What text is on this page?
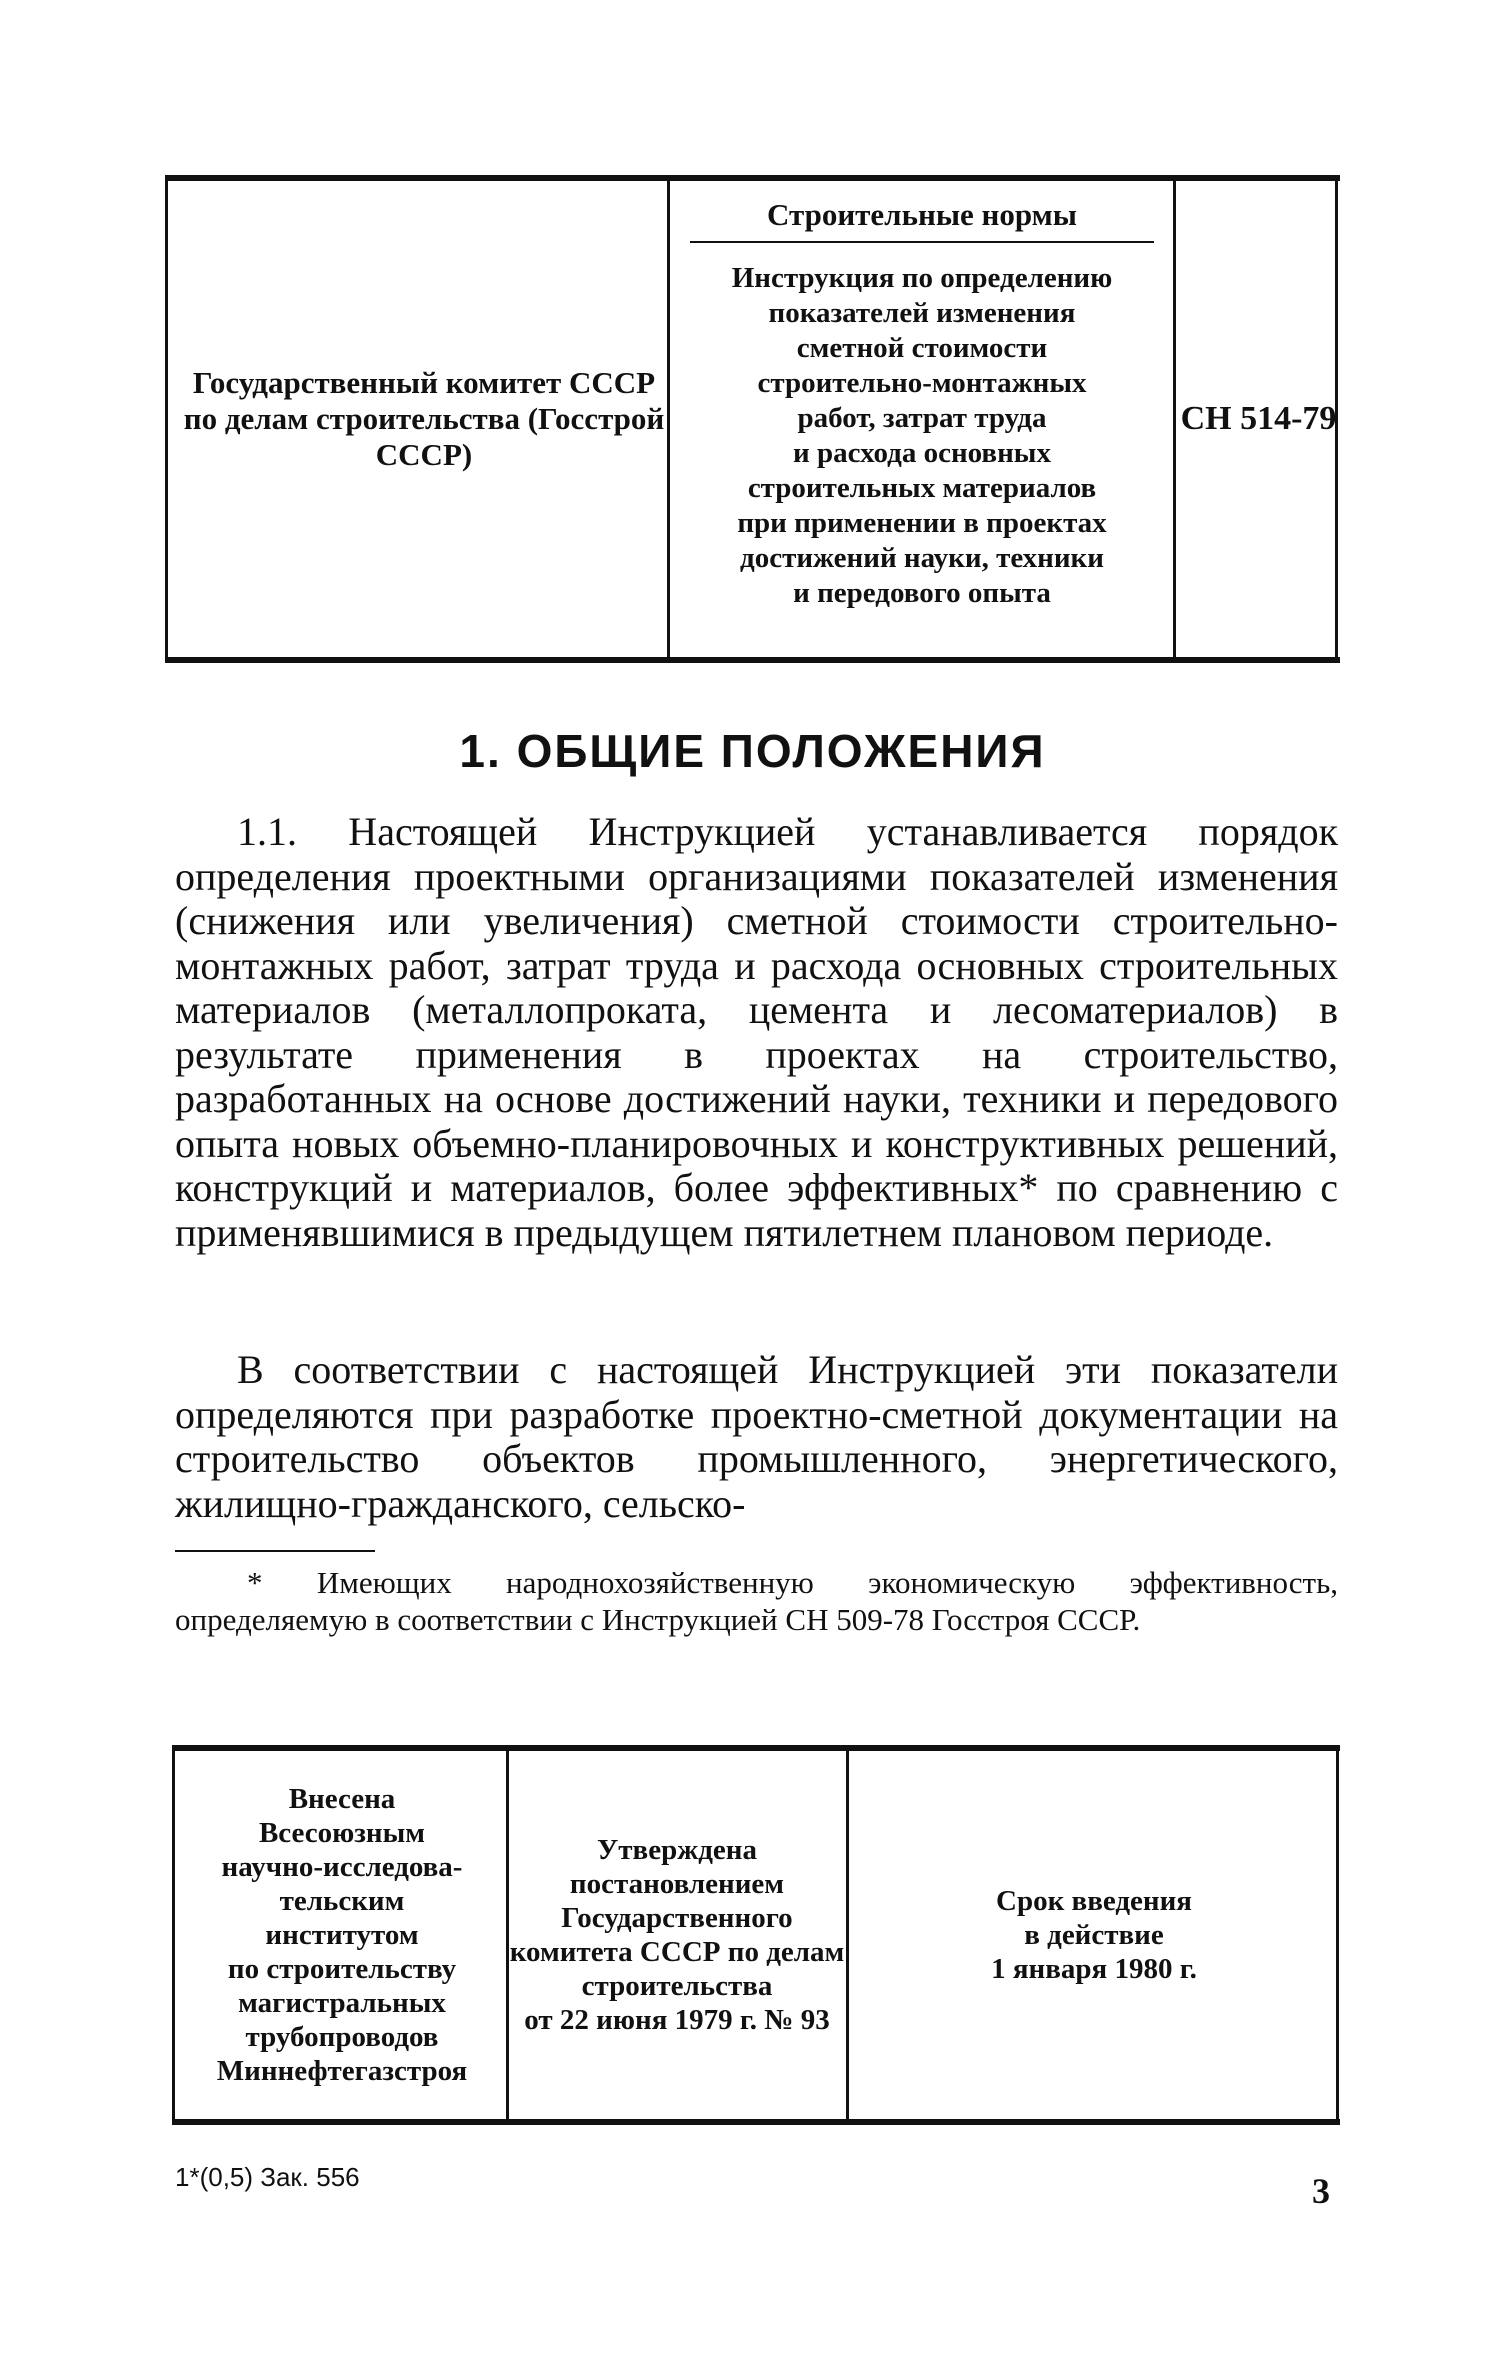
Государственный комитет СССР по делам строительства (Госстрой СССР)
Строительные нормы
Инструкция по определению
показателей изменения
сметной стоимости
строительно-монтажных
работ, затрат труда
и расхода основных
строительных материалов
при применении в проектах
достижений науки, техники
и передового опыта
СН 514-79
1. ОБЩИЕ ПОЛОЖЕНИЯ
1.1. Настоящей Инструкцией устанавливается порядок определения проектными организациями показателей изменения (снижения или увеличения) сметной стоимости строительно-монтажных работ, затрат труда и расхода основных строительных материалов (металлопроката, цемента и лесоматериалов) в результате применения в проектах на строительство, разработанных на основе достижений науки, техники и передового опыта новых объемно-планировочных и конструктивных решений, конструкций и материалов, более эффективных* по сравнению с применявшимися в предыдущем пятилетнем плановом периоде.
В соответствии с настоящей Инструкцией эти показатели определяются при разработке проектно-сметной документации на строительство объектов промышленного, энергетического, жилищно-гражданского, сельско-
* Имеющих народнохозяйственную экономическую эффективность, определяемую в соответствии с Инструкцией СН 509-78 Госстроя СССР.
Внесена
Всесоюзным
научно-исследова-
тельским
институтом
по строительству
магистральных
трубопроводов
Миннефтегазстроя
Утверждена
постановлением
Государственного
комитета СССР по делам
строительства
от 22 июня 1979 г. № 93
Срок введения
в действие
1 января 1980 г.
1*(0,5) Зак. 556	3
